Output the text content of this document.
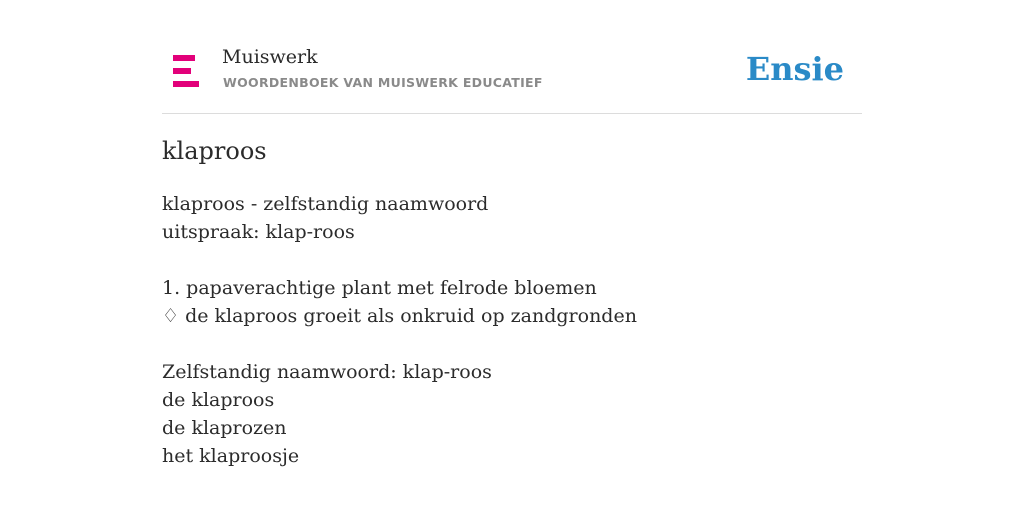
Muiswerk
WOORDENBOEK VAN MUISWERK EDUCATIEF	Ensie
klaproos
klaproos - zelfstandig naamwoord
uitspraak: klap-roos
1. papaverachtige plant met felrode bloemen
♢ de klaproos groeit als onkruid op zandgronden
Zelfstandig naamwoord: klap-roos
de klaproos
de klaprozen
het klaproosje
